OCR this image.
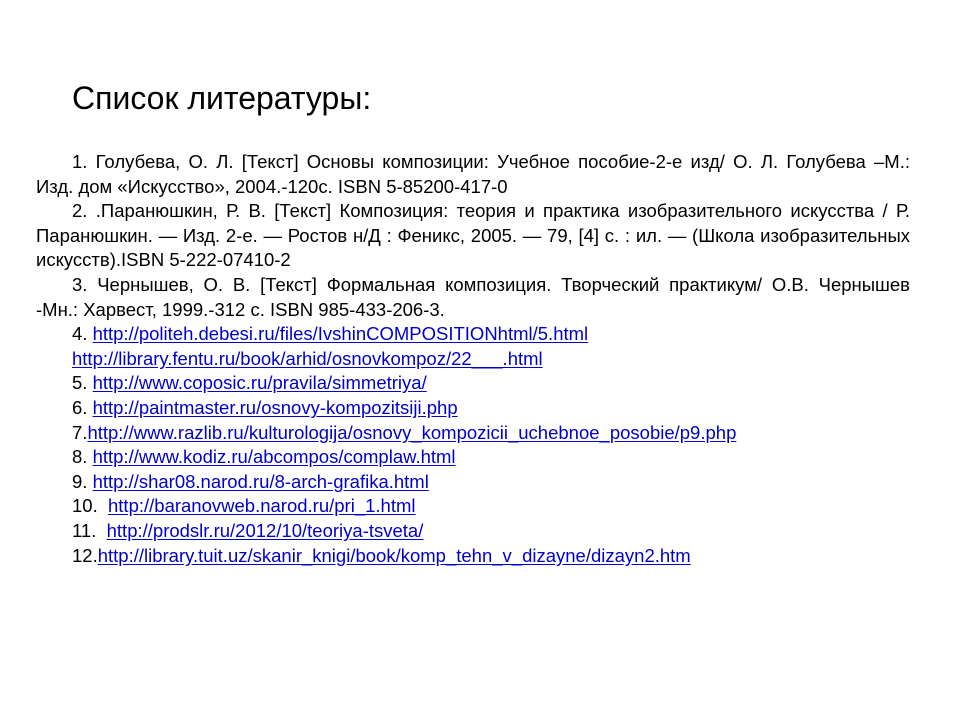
Список литературы:

1. Голубева, О. Л. [Текст] Основы композиции: Учебное пособие-2-е изд/ О. Л. Голубева –М.: Изд. дом «Искусство», 2004.-120с. ISBN 5-85200-417-0

2. .Паранюшкин, Р. В. [Текст] Композиция: теория и практика изобразительного искусства / Р. Паранюшкин. — Изд. 2-е. — Ростов н/Д : Феникс, 2005. — 79, [4] с. : ил. — (Школа изобразительных искусств).ISBN 5-222-07410-2

3. Чернышев, О. В. [Текст] Формальная композиция. Творческий практикум/ О.В. Чернышев -Мн.: Харвест, 1999.-312 с. ISBN 985-433-206-3.

4. http://politeh.debesi.ru/files/IvshinCOMPOSITIONhtml/5.html

http://library.fentu.ru/book/arhid/osnovkompoz/22___.html

5. http://www.coposic.ru/pravila/simmetriya/

6. http://paintmaster.ru/osnovy-kompozitsiji.php

7.http://www.razlib.ru/kulturologija/osnovy_kompozicii_uchebnoe_posobie/p9.php

8. http://www.kodiz.ru/abcompos/complaw.html

9. http://shar08.narod.ru/8-arch-grafika.html

10.  http://baranovweb.narod.ru/pri_1.html

11.  http://prodslr.ru/2012/10/teoriya-tsveta/

12.http://library.tuit.uz/skanir_knigi/book/komp_tehn_v_dizayne/dizayn2.htm
